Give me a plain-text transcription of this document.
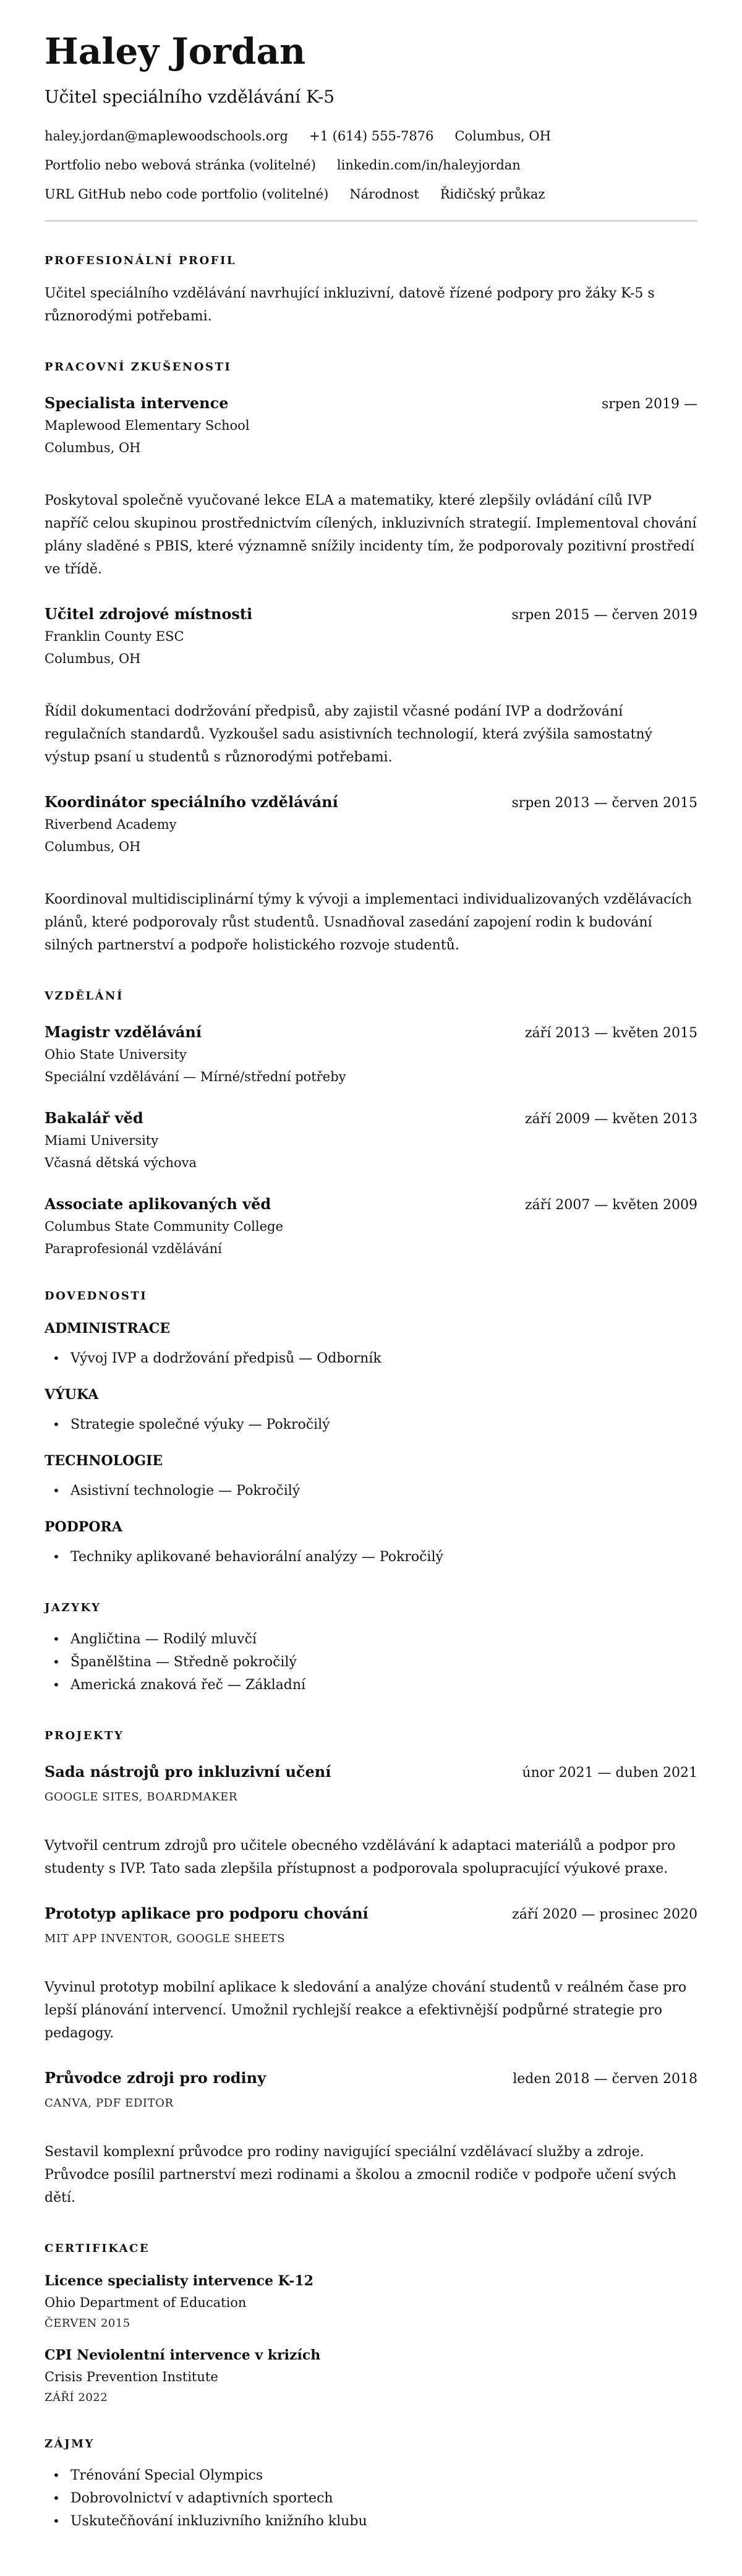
Haley Jordan
Učitel speciálního vzdělávání K-5
haley.jordan@maplewoodschools.org +1 (614) 555-7876 Columbus, OH
Portfolio nebo webová stránka (volitelné) linkedin.com/in/haleyjordan
URL GitHub nebo code portfolio (volitelné) Národnost Řidičský průkaz
PROFESIONÁLNÍ PROFIL

Učitel speciálního vzdělávání navrhující inkluzivní, datově řízené podpory pro žáky K-5 s různorodými potřebami.

PRACOVNÍ ZKUŠENOSTI
Specialista intervence	srpen 2019 —
Maplewood Elementary School
Columbus, OH

Poskytoval společně vyučované lekce ELA a matematiky, které zlepšily ovládání cílů IVP napříč celou skupinou prostřednictvím cílených, inkluzivních strategií. Implementoval chování plány sladěné s PBIS, které významně snížily incidenty tím, že podporovaly pozitivní prostředí ve třídě.

Učitel zdrojové místnosti	srpen 2015 — červen 2019
Franklin County ESC
Columbus, OH

Řídil dokumentaci dodržování předpisů, aby zajistil včasné podání IVP a dodržování regulačních standardů. Vyzkoušel sadu asistivních technologií, která zvýšila samostatný výstup psaní u studentů s různorodými potřebami.

Koordinátor speciálního vzdělávání	srpen 2013 — červen 2015
Riverbend Academy
Columbus, OH

Koordinoval multidisciplinární týmy k vývoji a implementaci individualizovaných vzdělávacích plánů, které podporovaly růst studentů. Usnadňoval zasedání zapojení rodin k budování silných partnerství a podpoře holistického rozvoje studentů.

VZDĚLÁNÍ
Magistr vzdělávání	září 2013 — květen 2015
Ohio State University
Speciální vzdělávání — Mírné/střední potřeby
Bakalář věd	září 2009 — květen 2013
Miami University
Včasná dětská výchova
Associate aplikovaných věd	září 2007 — květen 2009
Columbus State Community College
Paraprofesionál vzdělávání
DOVEDNOSTI
ADMINISTRACE
• Vývoj IVP a dodržování předpisů — Odborník
VÝUKA
• Strategie společné výuky — Pokročilý
TECHNOLOGIE
• Asistivní technologie — Pokročilý
PODPORA
• Techniky aplikované behaviorální analýzy — Pokročilý
JAZYKY
• Angličtina — Rodilý mluvčí
• Španělština — Středně pokročilý
• Americká znaková řeč — Základní
PROJEKTY
Sada nástrojů pro inkluzivní učení	únor 2021 — duben 2021
GOOGLE SITES, BOARDMAKER

Vytvořil centrum zdrojů pro učitele obecného vzdělávání k adaptaci materiálů a podpor pro studenty s IVP. Tato sada zlepšila přístupnost a podporovala spolupracující výukové praxe.

Prototyp aplikace pro podporu chování	září 2020 — prosinec 2020
MIT APP INVENTOR, GOOGLE SHEETS

Vyvinul prototyp mobilní aplikace k sledování a analýze chování studentů v reálném čase pro lepší plánování intervencí. Umožnil rychlejší reakce a efektivnější podpůrné strategie pro pedagogy.

Průvodce zdroji pro rodiny	leden 2018 — červen 2018
CANVA, PDF EDITOR

Sestavil komplexní průvodce pro rodiny navigující speciální vzdělávací služby a zdroje. Průvodce posílil partnerství mezi rodinami a školou a zmocnil rodiče v podpoře učení svých dětí.

CERTIFIKACE
Licence specialisty intervence K-12
Ohio Department of Education
ČERVEN 2015
CPI Neviolentní intervence v krizích
Crisis Prevention Institute
ZÁŘÍ 2022
ZÁJMY
• Trénování Special Olympics
• Dobrovolnictví v adaptivních sportech
• Uskutečňování inkluzivního knižního klubu
